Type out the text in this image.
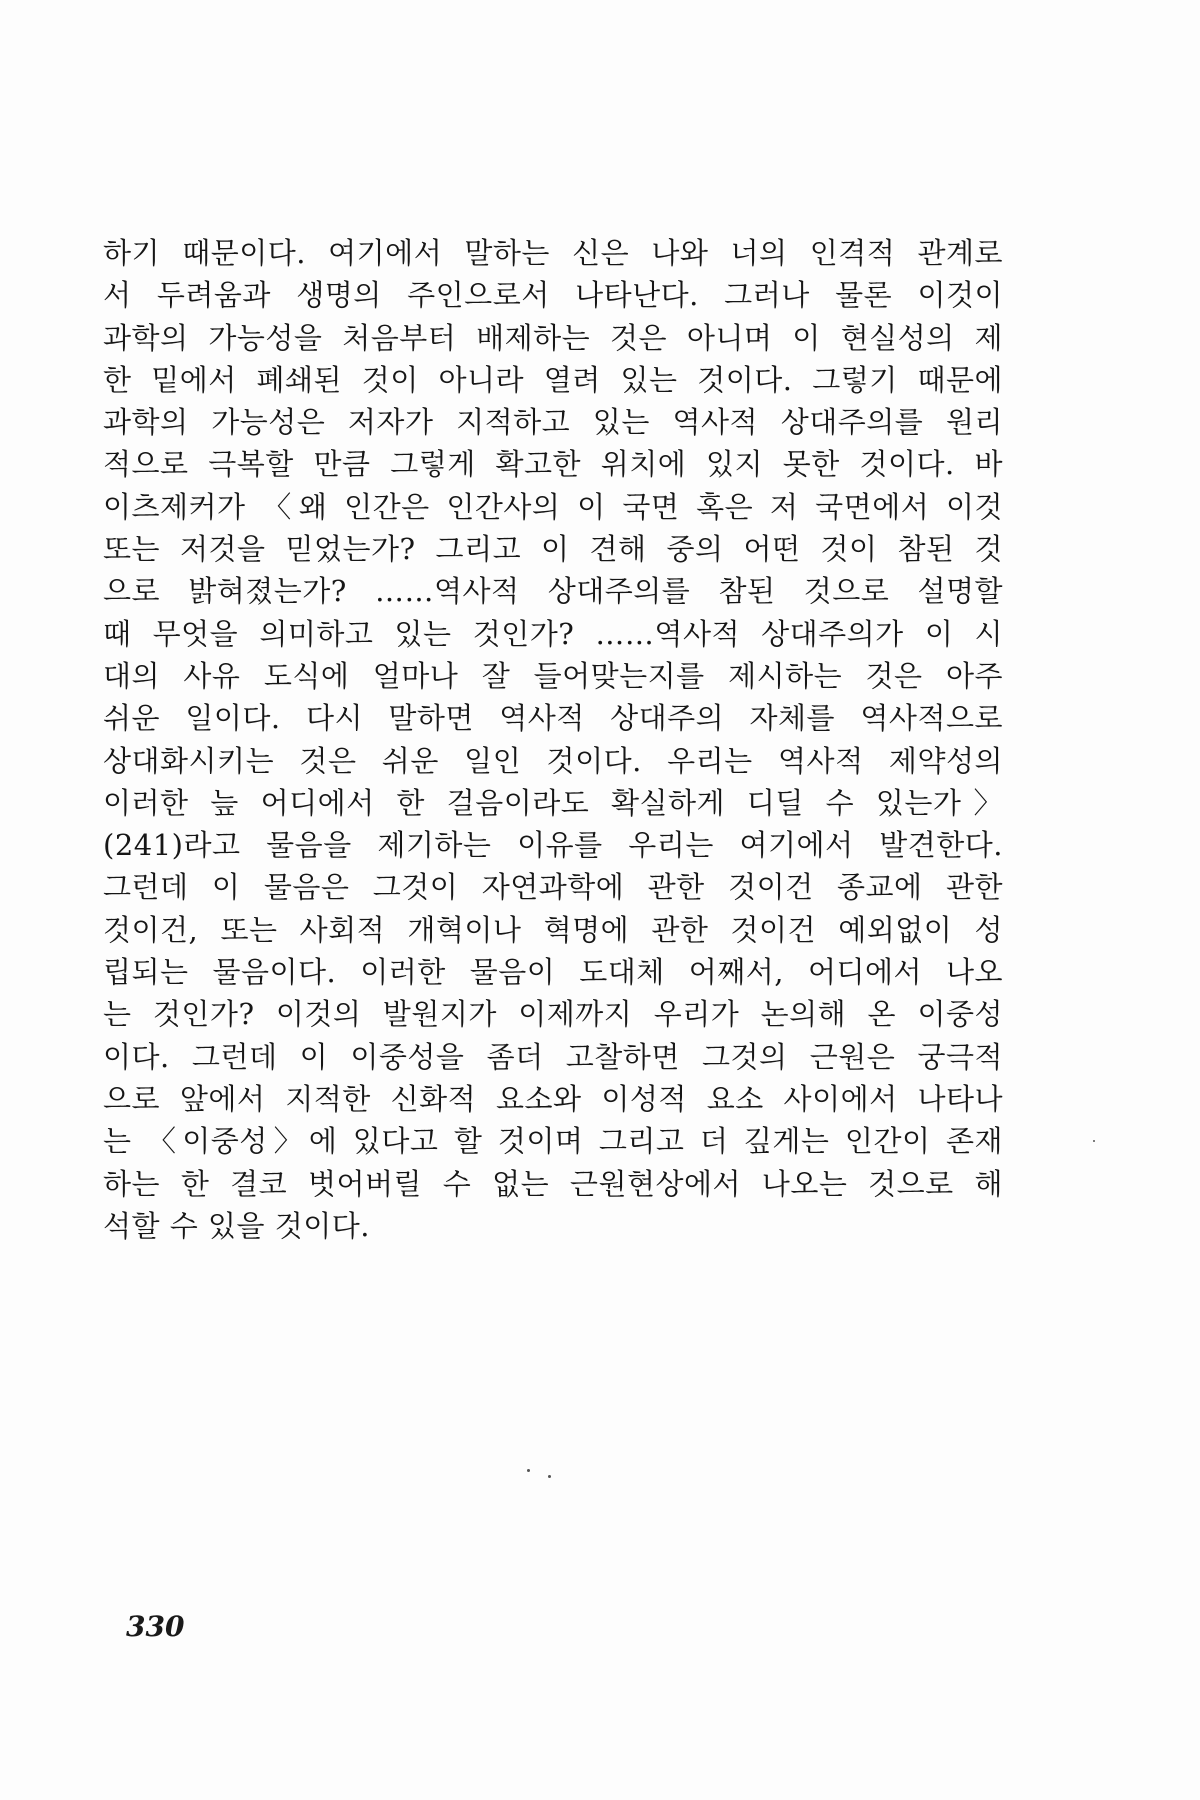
하기 때문이다. 여기에서 말하는 신은 나와 너의 인격적 관계로
서 두려움과 생명의 주인으로서 나타난다. 그러나 물론 이것이
과학의 가능성을 처음부터 배제하는 것은 아니며 이 현실성의 제
한 밑에서 폐쇄된 것이 아니라 열려 있는 것이다. 그렇기 때문에
과학의 가능성은 저자가 지적하고 있는 역사적 상대주의를 원리
적으로 극복할 만큼 그렇게 확고한 위치에 있지 못한 것이다. 바
이츠제커가 〈왜 인간은 인간사의 이 국면 혹은 저 국면에서 이것
또는 저것을 믿었는가? 그리고 이 견해 중의 어떤 것이 참된 것
으로 밝혀졌는가? ……역사적 상대주의를 참된 것으로 설명할
때 무엇을 의미하고 있는 것인가? ……역사적 상대주의가 이 시
대의 사유 도식에 얼마나 잘 들어맞는지를 제시하는 것은 아주
쉬운 일이다. 다시 말하면 역사적 상대주의 자체를 역사적으로
상대화시키는 것은 쉬운 일인 것이다. 우리는 역사적 제약성의
이러한 늪 어디에서 한 걸음이라도 확실하게 디딜 수 있는가〉
(241)라고 물음을 제기하는 이유를 우리는 여기에서 발견한다.
그런데 이 물음은 그것이 자연과학에 관한 것이건 종교에 관한
것이건, 또는 사회적 개혁이나 혁명에 관한 것이건 예외없이 성
립되는 물음이다. 이러한 물음이 도대체 어째서, 어디에서 나오
는 것인가? 이것의 발원지가 이제까지 우리가 논의해 온 이중성
이다. 그런데 이 이중성을 좀더 고찰하면 그것의 근원은 궁극적
으로 앞에서 지적한 신화적 요소와 이성적 요소 사이에서 나타나
는 〈이중성〉에 있다고 할 것이며 그리고 더 깊게는 인간이 존재
하는 한 결코 벗어버릴 수 없는 근원현상에서 나오는 것으로 해
석할 수 있을 것이다.

330
